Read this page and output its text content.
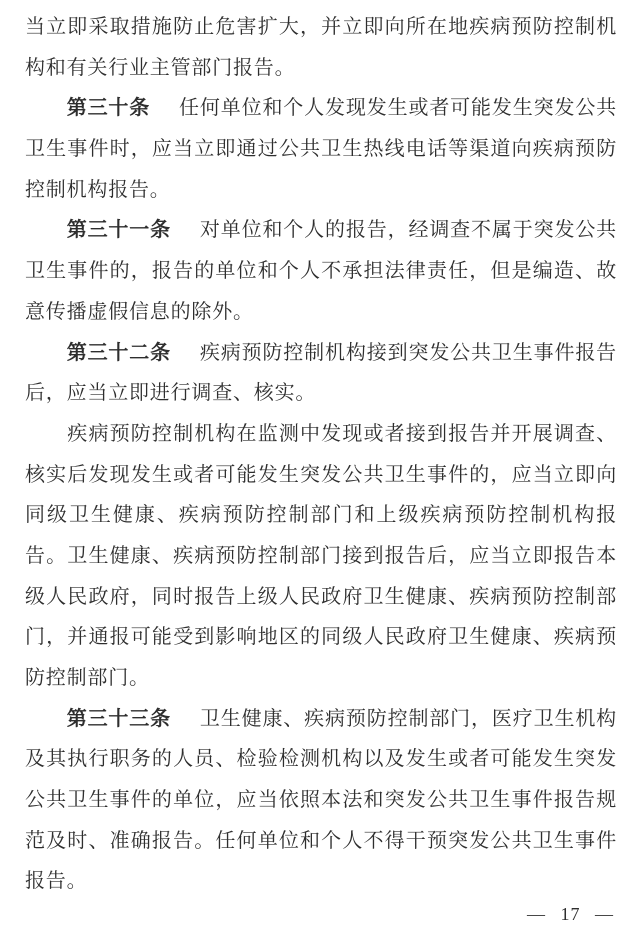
当立即采取措施防止危害扩大，并立即向所在地疾病预防控制机
构和有关行业主管部门报告。
　　第三十条　任何单位和个人发现发生或者可能发生突发公共
卫生事件时，应当立即通过公共卫生热线电话等渠道向疾病预防
控制机构报告。
　　第三十一条　对单位和个人的报告，经调查不属于突发公共
卫生事件的，报告的单位和个人不承担法律责任，但是编造、故
意传播虚假信息的除外。
　　第三十二条　疾病预防控制机构接到突发公共卫生事件报告
后，应当立即进行调查、核实。
　　疾病预防控制机构在监测中发现或者接到报告并开展调查、
核实后发现发生或者可能发生突发公共卫生事件的，应当立即向
同级卫生健康、疾病预防控制部门和上级疾病预防控制机构报
告。卫生健康、疾病预防控制部门接到报告后，应当立即报告本
级人民政府，同时报告上级人民政府卫生健康、疾病预防控制部
门，并通报可能受到影响地区的同级人民政府卫生健康、疾病预
防控制部门。
　　第三十三条　卫生健康、疾病预防控制部门，医疗卫生机构
及其执行职务的人员、检验检测机构以及发生或者可能发生突发
公共卫生事件的单位，应当依照本法和突发公共卫生事件报告规
范及时、准确报告。任何单位和个人不得干预突发公共卫生事件
报告。
— 17 —
